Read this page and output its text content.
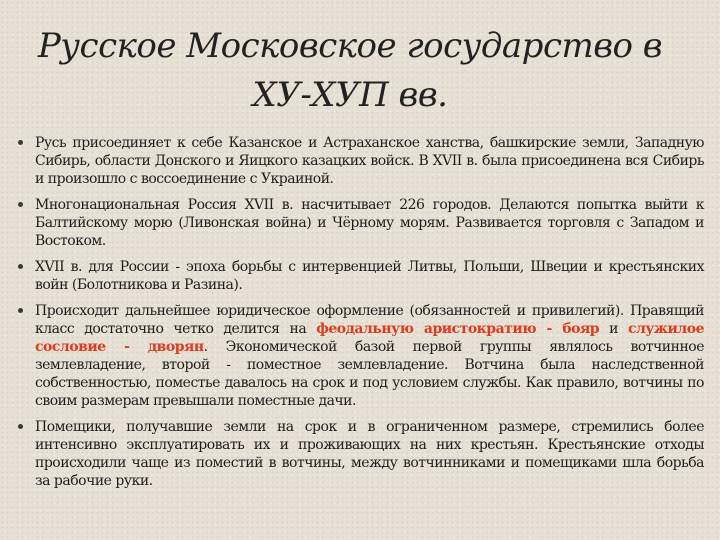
Русское Московское государство в
ХУ-ХУП вв.
Русь присоединяет к себе Казанское и Астраханское ханства, башкирские земли, Западную Сибирь, области Донского и Яицкого казацких войск. В XVII в. была присоединена вся Сибирь и произошло с воссоединение с Украиной.
Многонациональная Россия XVII в. насчитывает 226 городов. Делаются попытка выйти к Балтийскому морю (Ливонская война) и Чёрному морям. Развивается торговля с Западом и Востоком.
XVII в. для России - эпоха борьбы с интервенцией Литвы, Польши, Швеции и крестьянских войн (Болотникова и Разина).
Происходит дальнейшее юридическое оформление (обязанностей и привилегий). Правящий класс достаточно четко делится на феодальную аристократию - бояр и служилое сословие - дворян. Экономической базой первой группы являлось вотчинное землевладение, второй - поместное землевладение. Вотчина была наследственной собственностью, поместье давалось на срок и под условием службы. Как правило, вотчины по своим размерам превышали поместные дачи.
Помещики, получавшие земли на срок и в ограниченном размере, стремились более интенсивно эксплуатировать их и проживающих на них крестьян. Крестьянские отходы происходили чаще из поместий в вотчины, между вотчинниками и помещиками шла борьба за рабочие руки.
